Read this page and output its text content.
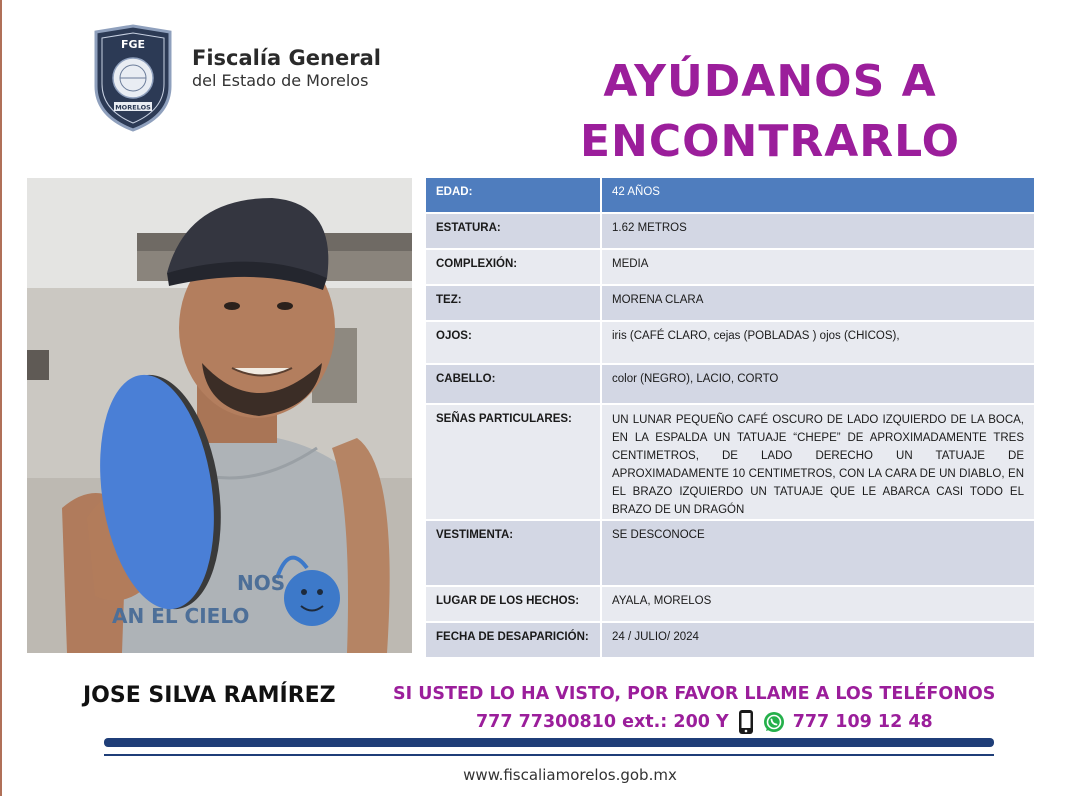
FGE
MORELOS
Fiscalía General
del Estado de Morelos	AYÚDANOS A
ENCONTRARLO
NOS
AN EL CIELO
EDAD:	42 AÑOS
ESTATURA:	1.62 METROS
COMPLEXIÓN:	MEDIA
TEZ:	MORENA CLARA
OJOS:	iris (CAFÉ CLARO, cejas (POBLADAS ) ojos (CHICOS),
CABELLO:	color (NEGRO), LACIO, CORTO
SEÑAS PARTICULARES:	UN LUNAR PEQUEÑO CAFÉ OSCURO DE LADO IZQUIERDO DE LA BOCA, EN LA ESPALDA UN TATUAJE “CHEPE” DE APROXIMADAMENTE TRES CENTIMETROS, DE LADO DERECHO UN TATUAJE DE APROXIMADAMENTE 10 CENTIMETROS, CON LA CARA DE UN DIABLO, EN EL BRAZO IZQUIERDO UN TATUAJE QUE LE ABARCA CASI TODO EL BRAZO DE UN DRAGÓN
VESTIMENTA:	SE DESCONOCE
LUGAR DE LOS HECHOS:	AYALA, MORELOS
FECHA DE DESAPARICIÓN:	24 / JULIO/ 2024
JOSE SILVA RAMÍREZ	SI USTED LO HA VISTO, POR FAVOR LLAME A LOS TELÉFONOS
777 77300810 ext.: 200 Y	777 109 12 48
www.fiscaliamorelos.gob.mx
